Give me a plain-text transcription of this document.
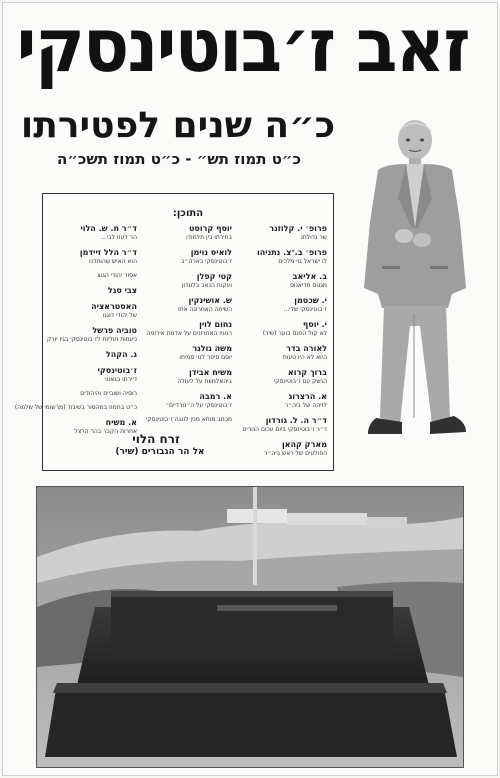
זאב ז׳בוטינסקי
כ״ה שנים לפטירתו
כ״ט תמוז תש״ - כ״ט תמוז תשכ״ה
התוכן:
פרופ׳ י. קלוזנר
שר גדולתו
פרופ׳ ב.־צ. נתניהו
לו ישראל גוי מלכים
ב. אליאב
מגנוס מדיאנוס
י. שכטמן
ז׳בוטינסקי שלי...
י. יוסף
לא קול הפנס בוער (שיר)
לאורה בדר
היוא לא היו טעות
ברוך קרוא
הנשק עם ז׳בוטינסקי
א. הרצרוג
לזיהה של ביה״ר
ד״ר ה. ל. גורדון
ד״ר ז׳בוטינסקי ביום עכום הנורים
מארק קהאן
הפולטים של ראש ביה״ר
יוסף קרוסט
בחירתו בין תלמודו
לואיס נוימן
ז׳בוטינסקי בארה״ב
קטי קפלן
ועקות הנאב בלונדון
ש. אושינקין
השיחה האחרונה אתו
נחום לוין
רגעיו האחרונים על אדמת אירופה
משה גולגר
יוסם סיפר לנוי סמיתו
משיח אבידן
ביהאלמוות על לעולה
א. רמבה
ז׳בוטינסקי על ה״נורדיים״
מכתב מוחא מנין לונגה ז׳בוטינסקי
ד״ר ח. ש. הלוי
הר לעזו לבי...
ד״ר הלל זיידמן
הוא האיש שהוחדנו
אסור יהודי הגוצ
צבי סגל
האסטראציה
של יהודי דוגנו
טוביה פרשל
ניעוזות תוליות לז׳בוטינסקי בגיו יורק
ג. הקהל
ז׳בוטינסקי
דיירתו בגאוני
רוסיה ושוביים והיהודים
כ״ט בתמוז במהסור בשיבוד (מרשומי של שלמה)
א. משיח
אחרות הקבר בהר הרצל
זרח הלוי
אל הר הגבורים (שיר)
